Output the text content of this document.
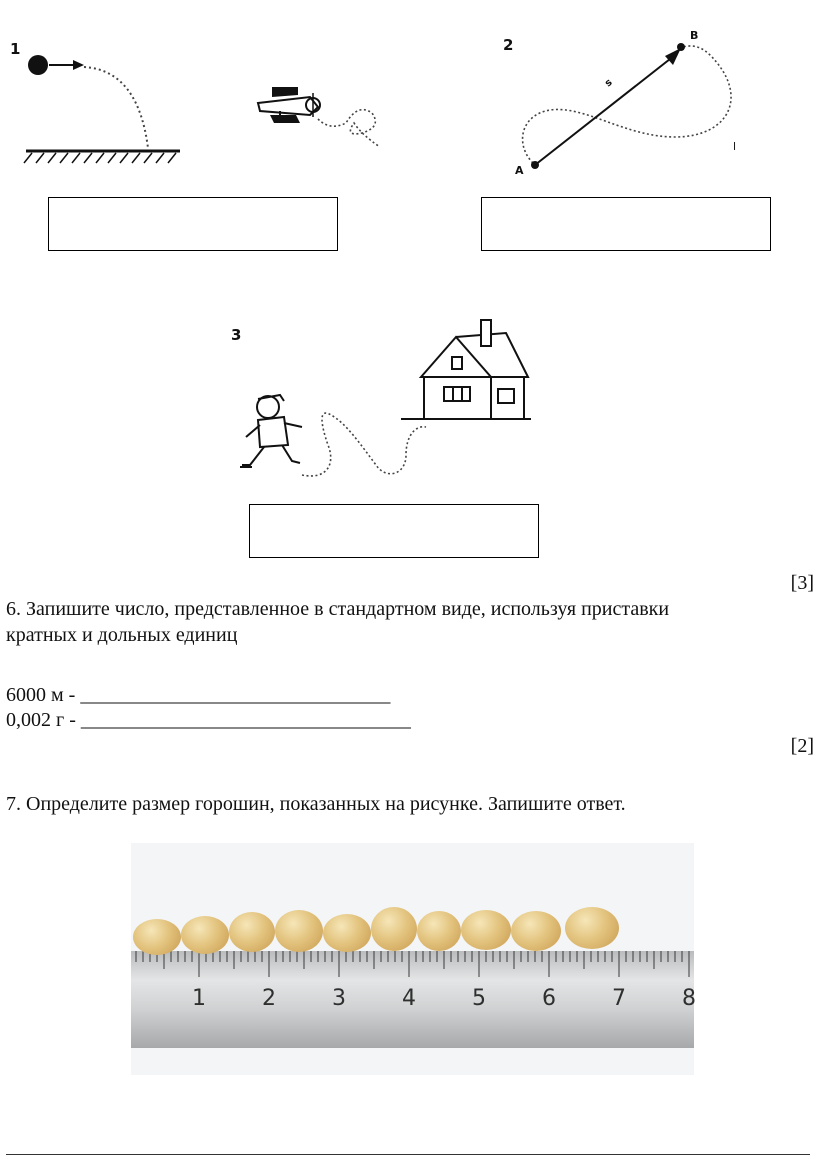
1	2
A
B
s
l
3
[3]
6. Запишите число, представленное в стандартном виде, используя приставки
кратных и дольных единиц
6000 м - _______________________________
0,002 г - _________________________________
[2]
7. Определите размер горошин, показанных на рисунке. Запишите ответ.
1	2	3	4	5	6	7	8
